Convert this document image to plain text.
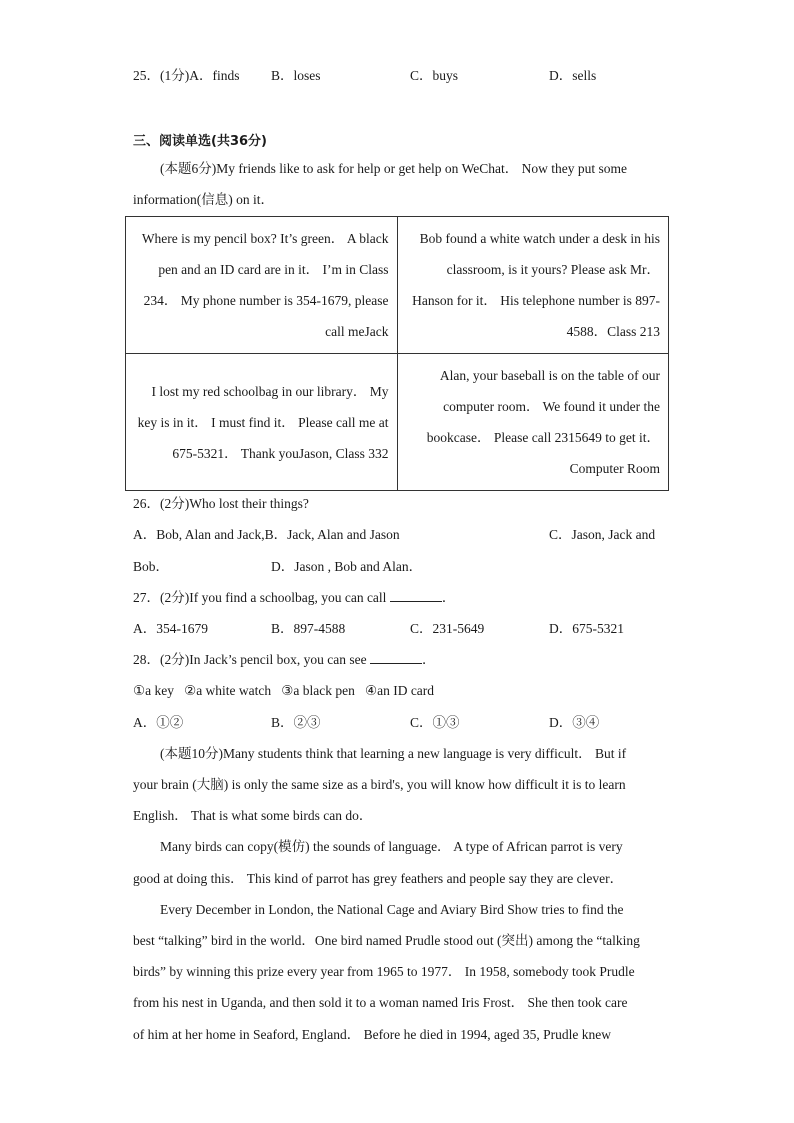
25．(1分)A．finds B．loses	C．buys	D．sells
三、阅读单选(共36分)
(本题6分)My friends like to ask for help or get help on WeChat． Now they put some
information(信息) on it．
Where is my pencil box? It’s green． A black pen and an ID card are in it． I’m in Class 234． My phone number is 354-1679, please call meJack	Bob found a white watch under a desk in his classroom, is it yours? Please ask Mr． Hanson for it． His telephone number is 897-4588．Class 213
I lost my red schoolbag in our library． My key is in it． I must find it． Please call me at 675-5321． Thank youJason, Class 332	Alan, your baseball is on the table of our computer room． We found it under the bookcase． Please call 2315649 to get it．Computer Room
26．(2分)Who lost their things?
A．Bob, Alan and Jack,B．Jack, Alan and Jason	C．Jason, Jack and
Bob．	D．Jason , Bob and Alan．
27．(2分)If you find a schoolbag, you can call	．
A．354-1679	B．897-4588	C．231-5649	D．675-5321
28．(2分)In Jack’s pencil box, you can see	．
①a key   ②a white watch   ③a black pen   ④an ID card
A．①②	B．②③	C．①③	D．③④
(本题10分)Many students think that learning a new language is very difficult． But if
your brain (大脑) is only the same size as a bird's, you will know how difficult it is to learn
English． That is what some birds can do．
Many birds can copy(模仿) the sounds of language． A type of African parrot is very
good at doing this． This kind of parrot has grey feathers and people say they are clever．
Every December in London, the National Cage and Aviary Bird Show tries to find the
best “talking” bird in the world．One bird named Prudle stood out (突出) among the “talking
birds” by winning this prize every year from 1965 to 1977． In 1958, somebody took Prudle
from his nest in Uganda, and then sold it to a woman named Iris Frost． She then took care
of him at her home in Seaford, England． Before he died in 1994, aged 35, Prudle knew
